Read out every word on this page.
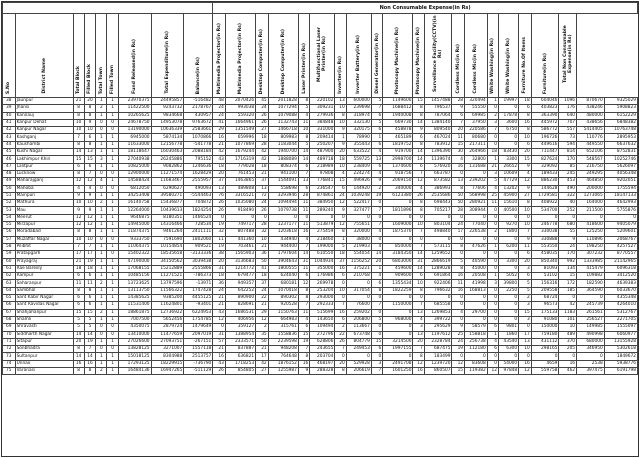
									Non Consumable Expense(in Rs)																				
S.No	District Name	Total Block	Filled Block	Total Town	Filled Town	Fund Released(in Rs)	Total Expenditure(in Rs)	Balance(in Rs)	Multimedia Projector(in Rs)	Multimedia Projector(in Rs)	Desktop Computer(in Rs)	Desktop Computer(in Rs)	Laser Printer(in Rs)	Multifunctional Laser Printer(in Rs)	Inverter(in Rs)	Inverter Battery(in Rs)	Diesel Generator(in Rs)	Photocopy Machine(in Rs)	Photocopy Machine(in Rs)	Surveillance Facility(CCTV)(in Rs)	Cordless Mic(in Rs)	Cordless Mic(in Rs)	White Washing(in Rs)	White Washing(in Rs)	Furniture No.Of Items	Furniture(in Rs)	Total Non Consumable Expense(in Rs)		
38	Jaunpur	21	20	1	1	23970375	24495857	-516482	48	2070426	45	2011828	8	220102	13	600000	5	1149600	15	1457488	28	320494	1	19997	18	604046	1096	870670	9325029
39	Jhansi	8	8	2	1	11422500	9243732	2178767	24	993038	24	1077294	5	309231	10	239698	7	1688412	8	796537	9	55550	0	0	6	403823	176	438246	5908823
40	Kannauj	8	8	1	1	10265625	9834668	430957	24	559320	26	1079088	4	279936	8	318974	6	1940008	8	787064	6	69985	2	17878	8	363390	640	480000	6152229
41	Kanpur Dehat	10	9	0	0	24678750	14953078	9763672	41	1664961	26	1132743	11	384848	10	332130	5	669730	14	1384140	7	37950	3	3600	16	445972	707	438656	6848382
42	Kanpur Nagar	10	10	0	0	13190000	10636339	2583661	29	1351549	27	1466718	10	331000	9	320175	6	458878	9	809540	20	220586	7	6750	8	586772	557	5414405	10763748
43	Kashganj	7	6	1	1	6945000	5874134	1070866	16	659996	18	809983	8	209414	1	78990	1	465189	6	467024	11	80680	0	0	10	196726	73	110776	2895953
44	Kaushambi	8	8	1	1	11633000	12156778	-541778	21	1077869	28	1183044	5	250207	9	355443	6	1819752	8	783912	15	217311	0	0	6	449616	594	449550	6637632
45	Kushi Nagar	14	13	1	1	18118647	16030463	2088184	42	1679244	42	1940700	14	487900	20	633522	4	919700	14	1396390	30	264966	18	83430	20	711447	814	652106	8752831
46	Lakhimpur Khiri	15	15	3	1	27040938	26245886	795152	43	1716319	42	1888089	14	489718	18	559725	13	2998700	14	1139674	4	32800	1	3300	15	827624	170	548567	10252746
47	Lalitpur	6	6	1	1	10825000	9082862	1246636	18	779028	18	808374	6	218989	10	238409	6	1374600	6	576920	16	131688	21	26652	9	329092	85	216750	5626097
48	Lucknow	8	7	0	0	12900000	11271574	1628429	20	761453	21	941100	7	97808	4	224274	4	918756	7	663787	0	0	3	10609	4	189433	245	249295	4056348
49	Maharajganj	12	12	4	1	14588424	11683467	2555957	37	1463865	37	1544091	13	776841	15	496926	9	2069150	12	873582	13	239202	5	47729	12	886230	453	464850	9202051
50	Mahoba	4	4	0	0	6812050	6290627	490093	13	489808	13	558698	6	236547	6	144920	2	340000	4	386993	8	77606	4	13202	9	144628	490	200000	1755594
51	Mainpuri	9	9	1	1	34253408	39580271	-5544463	76	3316521	72	3293946	28	874861	24	1039248	19	6123380	26	2535686	50	568998	25	45900	27	1729581	322	1273065	18147133
52	Mathura	10	10	2	1	16140758	15436877	704872	26	1035080	24	1094494	11	384950	12	522417	0	0	8	698443	50	280921	11	15610	8	408922	40	164000	4642993
53	Mau	9	9	1	1	12264000	10439613	1824254	26	918490	26	1079738	11	289240	9	327477	7	1811896	8	705217	28	308944	0	40500	10	534700	252	211500	5755876
54	Meerut	12	12	1	1	9646875	8180351	1466524	0	0	0	0	0	0	0	0	0	0	0	0	0	0	0	0	0	0	0	0	0
55	Mirzapur	12	12	1	1	14945000	14316466	728534	19	749717	28	1237177	11	513879	12	755651	7	1609000	10	803104	24	77040	0	9270	10	246778	680	418600	9405079
56	Moradabad	8	8	1	1	11874375	9461264	2411111	32	807488	32	1203618	16	275459	8	320000	4	1875370	7	498840	17	226538	2	1800	7	330038	55	125250	5209601
57	Muzaffar Nagar	10	10	0	0	9333750	7591690	1802060	11	441360	10	434940	4	218460	1	38000	0	0	0	0	0	0	0	0	9	330888	9	110896	2068767
58	Pilibhit	7	7	1	1	11064375	10154854	909521	19	703461	21	944400	7	199000	5	219903	4	850000	7	573115	8	47626	1	6200	11	553550	24	198250	4257527
59	Pratapgarh	17	17	1	0	15402322	18535658	-3133336	38	1565903	36	1797604	14	610550	18	554054	14	3184350	14	1259652	0	0	0	0	6	458035	170	307232	8770557
60	Prayagraj	21	19	1	1	47190000	34150562	3039438	20	3136683	50	3904643	31	1044934	37	1156252	20	6803000	31	2866619	5	40590	0	3300	20	850340	992	1333985	21142965
61	Rae Bareilly	18	18	1	1	17068155	15212889	2555866	31	1214772	41	1800555	11	355000	16	375221	1	459600	14	1289028	8	45000	0	0	3	81093	134	415479	6096318
62	Rampur	6	6	1	1	10485156	11271521	-786373	18	679477	18	624040	6	176986	6	210768	4	909600	6	691864	16	20508	1	5052	6	53102	15	109882	3412520
63	Saharanpur	11	11	2	1	13723625	13797596	-13971	36	949357	37	680181	12	269978	0	0	6	1355434	10	922406	11	41998	3	39800	5	156316	172	182590	4639383
64	Sambhal	8	8	1	1	13113750	11566322	1747428	24	642252	24	1070418	8	253204	10	317054	8	1822259	8	796632	16	168813	0	2250	5	209558	185	364590	6033670
65	Sant Kabir Nagar	6	6	1	1	14385625	9385200	4455125	21	890900	22	890302	8	293000	0	0	0	0	0	0	0	0	0	0	2	68724	0	0	4355348
66	Sant Ravidas Nagar	6	6	1	1	11531400	11624801	-93401	21	828691	21	920528	7	292333	7	76600	7	1150000	7	685558	0	0	0	0	3	96573	42	245739	4264010
67	Shahjahanpur	15	15	2	1	18861875	12736922	6224953	43	1686531	29	1150763	11	515699	16	259202	0	0	13	1269853	4	29700	0	0	15	175133	1183	261561	5312767
68	Shamli	5	5	1	1	7007500	5652456	1754785	12	406956	12	664983	4	143650	6	206800	5	968000	4	399722	0	0	0	0	3	91080	101	256527	2271705
69	Shravasti	5	5	0	0	4350075	2879724	1479649	0	359127	2	315761	6	109494	2	113667	0	0	3	295629	9	58579	6	9801	0	150000	10	149985	1555097
70	Siddharth Nagar	14	14	0	0	13410000	11477659	2097019	31	1388954	35	1558836	15	272796	22	673748	0	0	13	1197612	25	158818	1	1860	17	759180	489	490998	6060977
71	Sitapur	20	19	1	1	27026600	27093751	-267151	57	2333571	50	2239598	19	628806	26	804779	15	3214500	20	2328784	24	256738	4	43540	13	431112	370	680000	13155928
72	Sonbhadra	8	7	0	0	13828125	3271007	1557118	21	837887	21	948208	7	243655	7	249453	6	1997155	7	687475	19	112180	6	6300	10	298165	205	346950	5302618
73	Sultanpur	14	14	1	1	15018125	8304988	2513757	16	636821	17	764648	8	203704	0	0	0	0	8	183499	0	0	0	0	0	0	0	0	1849672
74	Unnao	16	16	1	1	17293125	18229915	-736790	43	1718253	42	1876152	16	468197	20	529928	3	2491708	12	1239720	12	83608	0	54000	16	4659	16	2538	5938776
75	Varanasi	8	8	2	1	16484136	16947265	-511129	26	854805	27	1255987	9	288328	8	206619	7	1601250	16	860507	15	119382	12	97848	12	559758	462	397475	6191798
